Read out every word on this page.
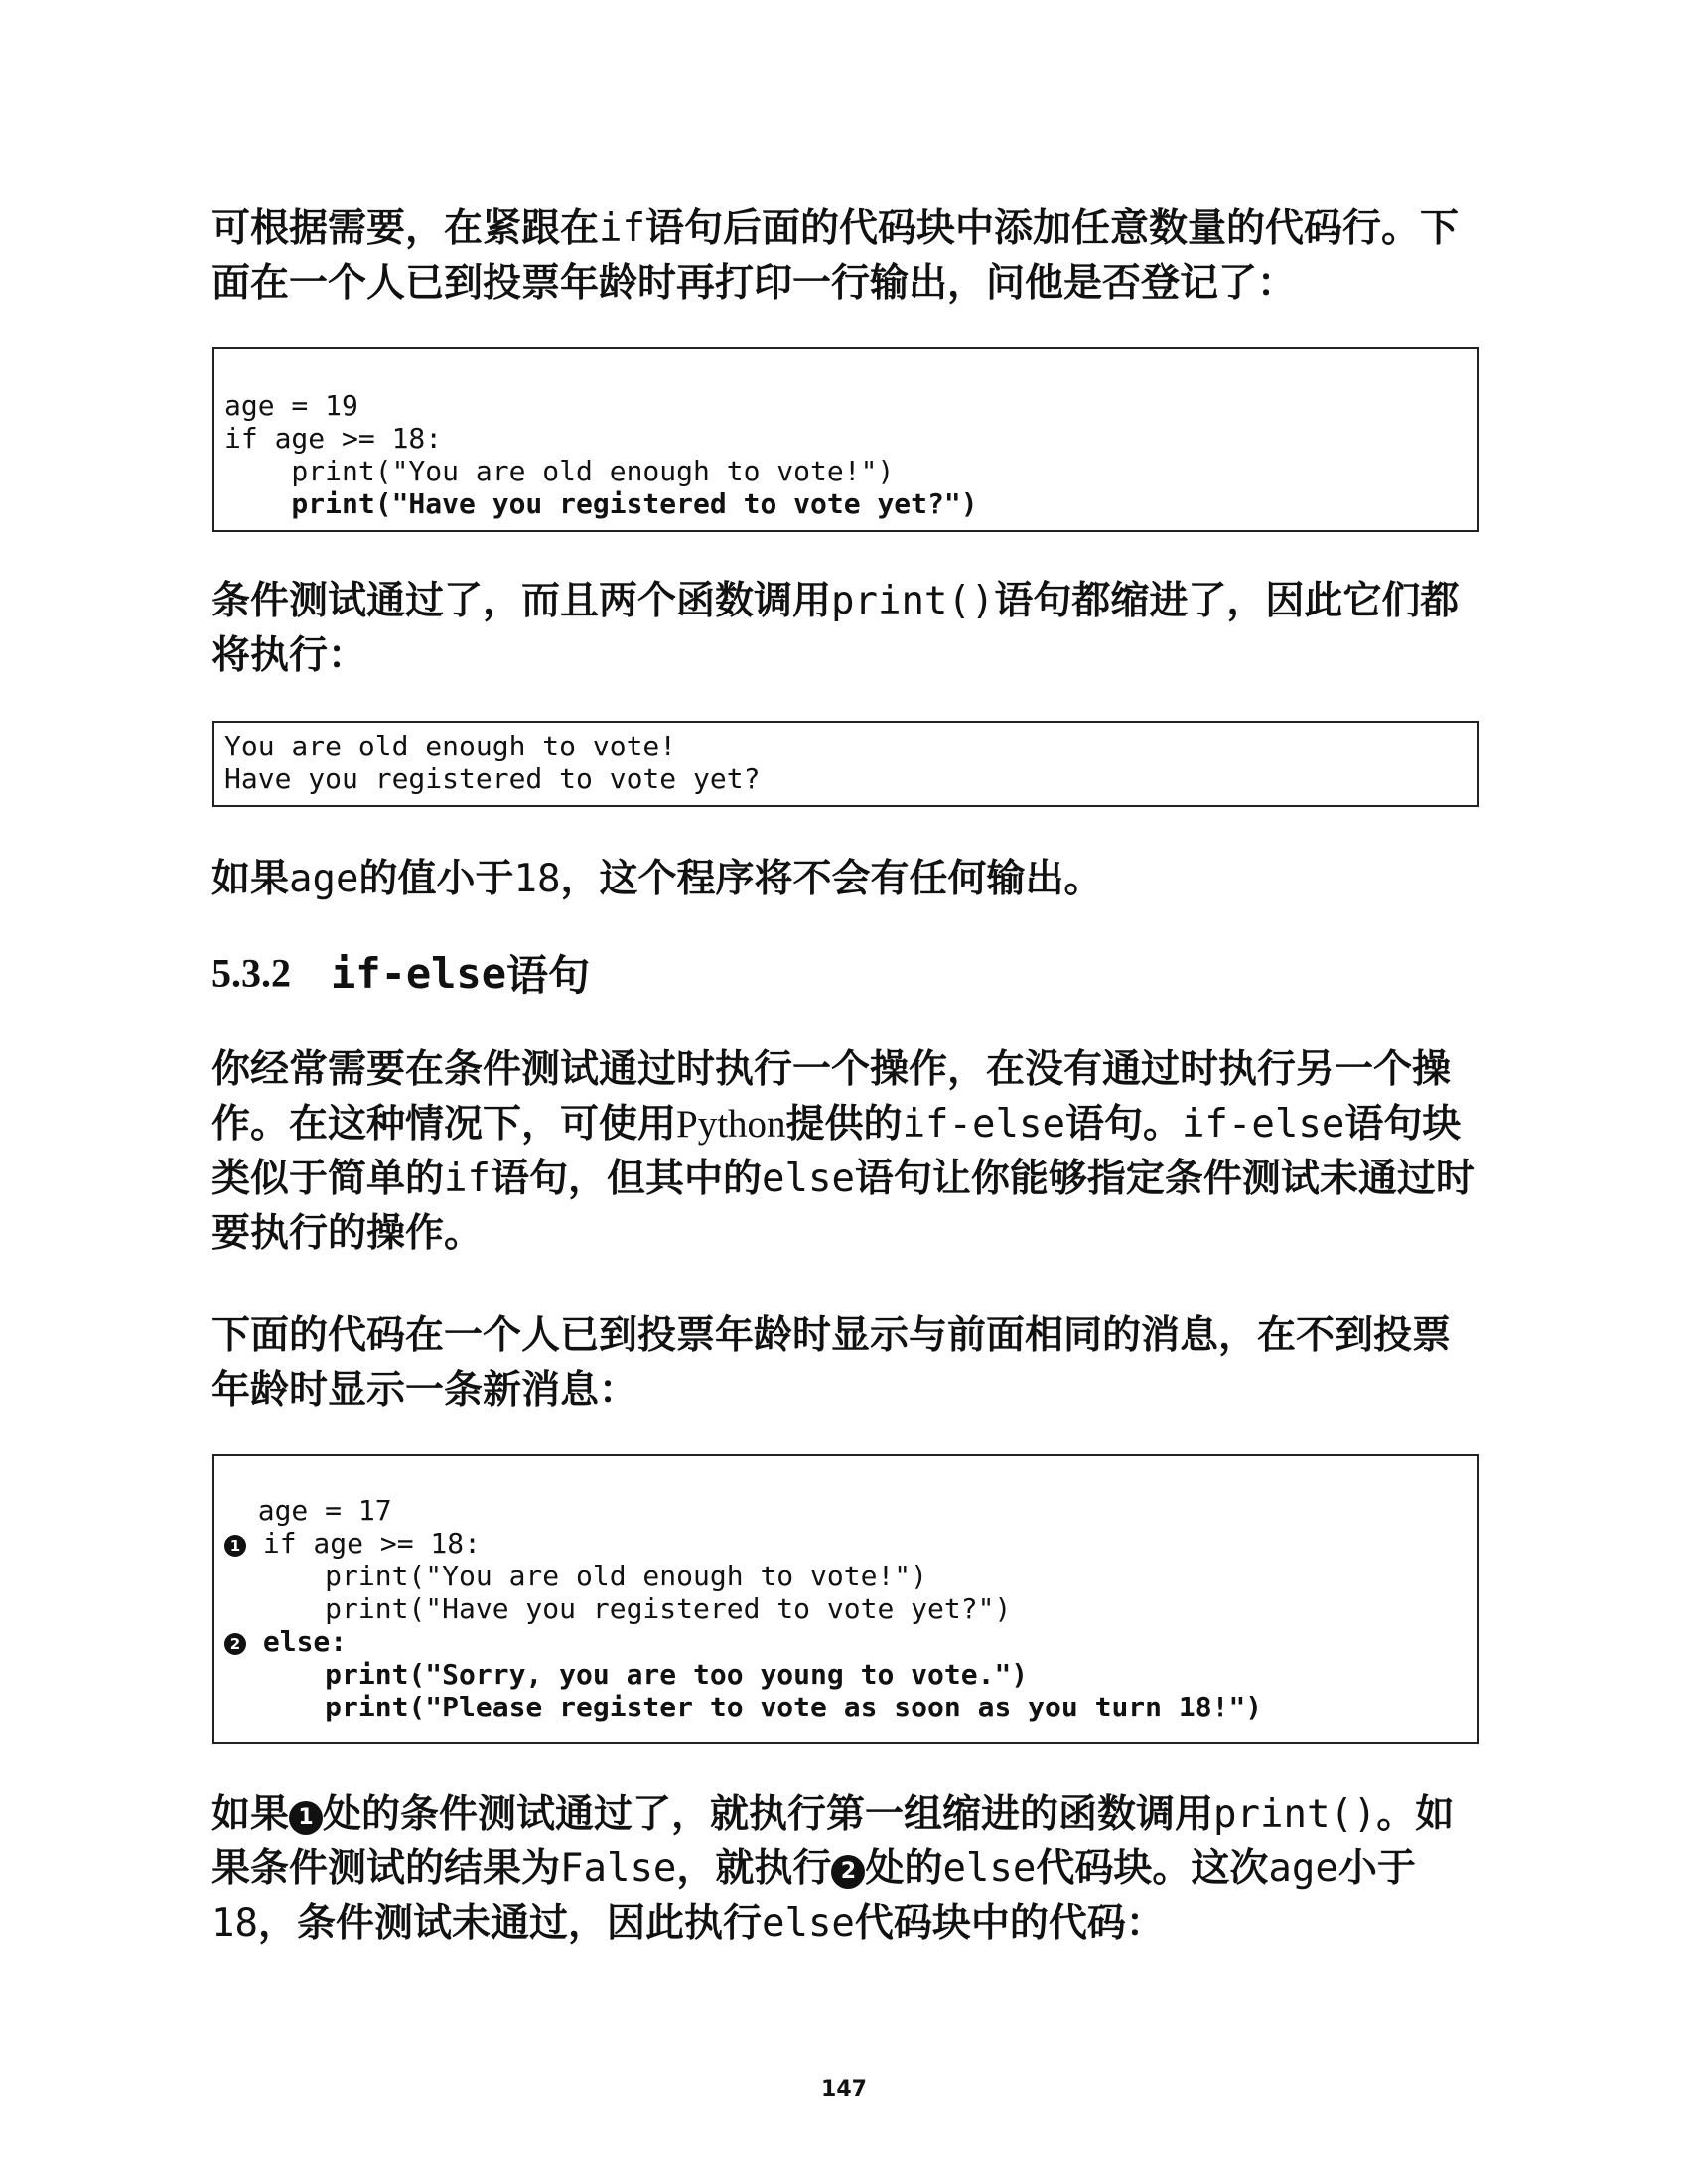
可根据需要，在紧跟在if语句后面的代码块中添加任意数量的代码行。下面在一个人已到投票年龄时再打印一行输出，问他是否登记了：

age = 19
if age >= 18:
print("You are old enough to vote!")
print("Have you registered to vote yet?")

条件测试通过了，而且两个函数调用print()语句都缩进了，因此它们都将执行：

You are old enough to vote!
Have you registered to vote yet?

如果age的值小于18，这个程序将不会有任何输出。

5.3.2 if-else语句

你经常需要在条件测试通过时执行一个操作，在没有通过时执行另一个操作。在这种情况下，可使用Python提供的if-else语句。if-else语句块类似于简单的if语句，但其中的else语句让你能够指定条件测试未通过时要执行的操作。

下面的代码在一个人已到投票年龄时显示与前面相同的消息，在不到投票年龄时显示一条新消息：

age = 17
1 if age >= 18:
print("You are old enough to vote!")
print("Have you registered to vote yet?")
2 else:
print("Sorry, you are too young to vote.")
print("Please register to vote as soon as you turn 18!")

如果 1 处的条件测试通过了，就执行第一组缩进的函数调用print()。如果条件测试的结果为False，就执行 2 处的else代码块。这次age小于18，条件测试未通过，因此执行else代码块中的代码：

147
